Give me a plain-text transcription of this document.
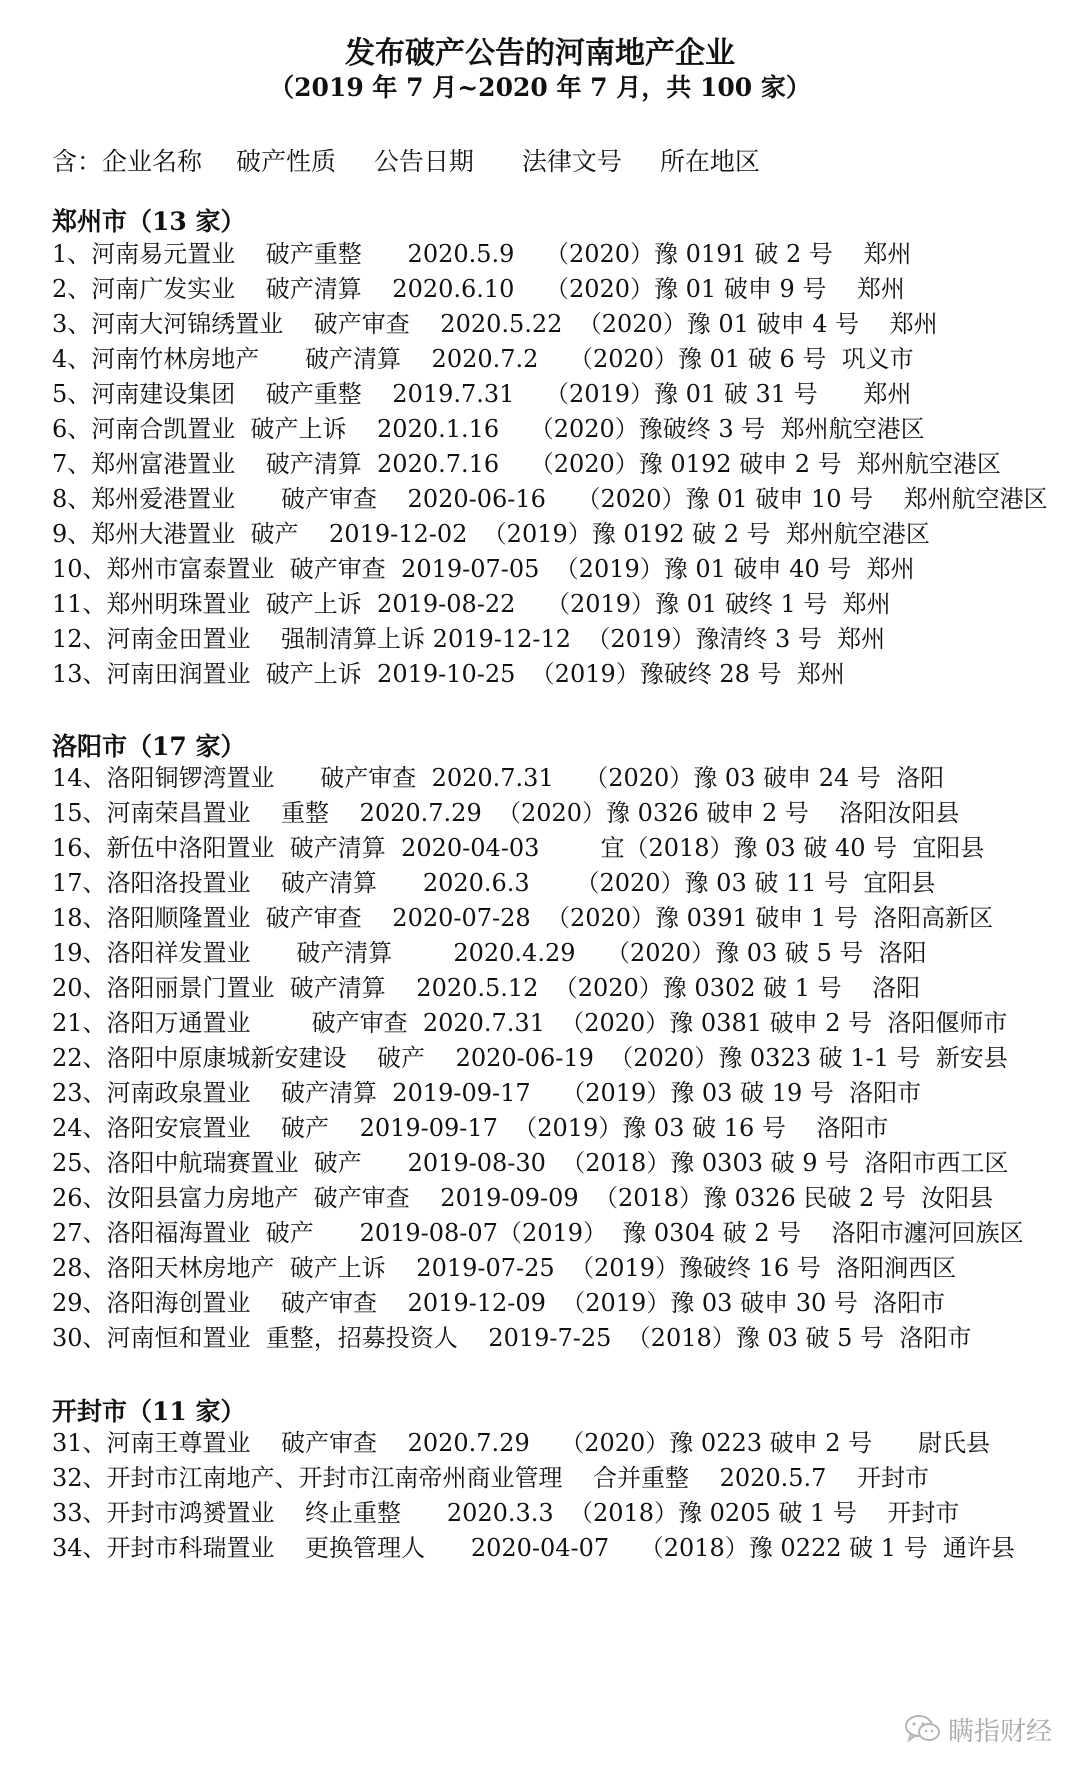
发布破产公告的河南地产企业
（2019 年 7 月~2020 年 7 月，共 100 家）
含：企业名称 破产性质 公告日期 法律文号 所在地区
郑州市（13 家）
1、河南易元置业    破产重整      2020.5.9    （2020）豫 0191 破 2 号    郑州
2、河南广发实业    破产清算    2020.6.10    （2020）豫 01 破申 9 号    郑州
3、河南大河锦绣置业    破产审查    2020.5.22  （2020）豫 01 破申 4 号    郑州
4、河南竹林房地产      破产清算    2020.7.2    （2020）豫 01 破 6 号  巩义市
5、河南建设集团    破产重整    2019.7.31    （2019）豫 01 破 31 号      郑州
6、河南合凯置业  破产上诉    2020.1.16    （2020）豫破终 3 号  郑州航空港区
7、郑州富港置业    破产清算  2020.7.16    （2020）豫 0192 破申 2 号  郑州航空港区
8、郑州爱港置业      破产审查    2020-06-16    （2020）豫 01 破申 10 号    郑州航空港区
9、郑州大港置业  破产    2019-12-02  （2019）豫 0192 破 2 号  郑州航空港区
10、郑州市富泰置业  破产审查  2019-07-05  （2019）豫 01 破申 40 号  郑州
11、郑州明珠置业  破产上诉  2019-08-22    （2019）豫 01 破终 1 号  郑州
12、河南金田置业    强制清算上诉 2019-12-12  （2019）豫清终 3 号  郑州
13、河南田润置业  破产上诉  2019-10-25  （2019）豫破终 28 号  郑州
洛阳市（17 家）
14、洛阳铜锣湾置业      破产审查  2020.7.31    （2020）豫 03 破申 24 号  洛阳
15、河南荣昌置业    重整    2020.7.29  （2020）豫 0326 破申 2 号    洛阳汝阳县
16、新伍中洛阳置业  破产清算  2020-04-03        宜（2018）豫 03 破 40 号  宜阳县
17、洛阳洛投置业    破产清算      2020.6.3      （2020）豫 03 破 11 号  宜阳县
18、洛阳顺隆置业  破产审查    2020-07-28  （2020）豫 0391 破申 1 号  洛阳高新区
19、洛阳祥发置业      破产清算        2020.4.29    （2020）豫 03 破 5 号  洛阳
20、洛阳丽景门置业  破产清算    2020.5.12  （2020）豫 0302 破 1 号    洛阳
21、洛阳万通置业        破产审查  2020.7.31  （2020）豫 0381 破申 2 号  洛阳偃师市
22、洛阳中原康城新安建设    破产    2020-06-19  （2020）豫 0323 破 1-1 号  新安县
23、河南政泉置业    破产清算  2019-09-17    （2019）豫 03 破 19 号  洛阳市
24、洛阳安宸置业    破产    2019-09-17  （2019）豫 03 破 16 号    洛阳市
25、洛阳中航瑞赛置业  破产      2019-08-30  （2018）豫 0303 破 9 号  洛阳市西工区
26、汝阳县富力房地产  破产审查    2019-09-09  （2018）豫 0326 民破 2 号  汝阳县
27、洛阳福海置业  破产      2019-08-07（2019）  豫 0304 破 2 号    洛阳市瀍河回族区
28、洛阳天林房地产  破产上诉    2019-07-25  （2019）豫破终 16 号  洛阳涧西区
29、洛阳海创置业    破产审查    2019-12-09  （2019）豫 03 破申 30 号  洛阳市
30、河南恒和置业  重整，招募投资人    2019-7-25  （2018）豫 03 破 5 号  洛阳市
开封市（11 家）
31、河南王尊置业    破产审查    2020.7.29    （2020）豫 0223 破申 2 号      尉氏县
32、开封市江南地产、开封市江南帝州商业管理    合并重整    2020.5.7    开封市
33、开封市鸿赟置业    终止重整      2020.3.3  （2018）豫 0205 破 1 号    开封市
34、开封市科瑞置业    更换管理人      2020-04-07    （2018）豫 0222 破 1 号  通许县
瞒指财经
